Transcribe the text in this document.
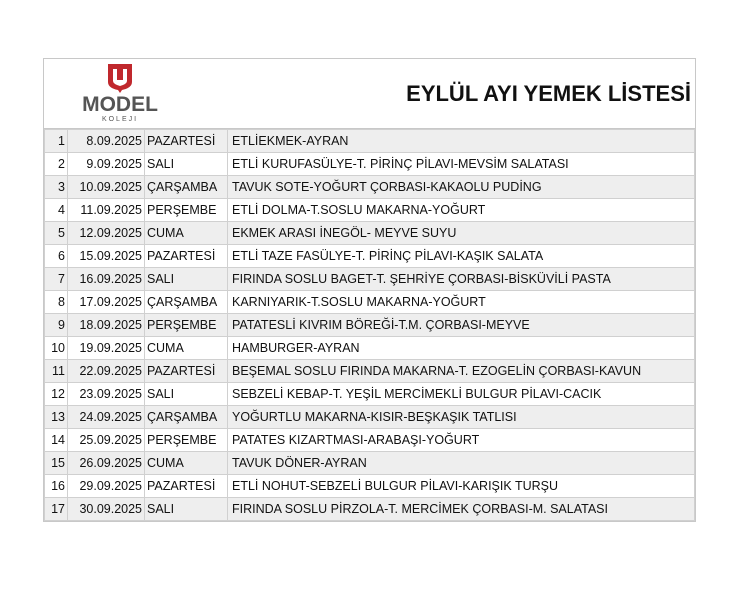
MODEL
KOLEJI
EYLÜL AYI YEMEK LİSTESİ
1	8.09.2025	PAZARTESİ	ETLİEKMEK-AYRAN
2	9.09.2025	SALI	ETLİ KURUFASÜLYE-T. PİRİNÇ PİLAVI-MEVSİM SALATASI
3	10.09.2025	ÇARŞAMBA	TAVUK SOTE-YOĞURT ÇORBASI-KAKAOLU PUDİNG
4	11.09.2025	PERŞEMBE	ETLİ DOLMA-T.SOSLU MAKARNA-YOĞURT
5	12.09.2025	CUMA	EKMEK ARASI İNEGÖL- MEYVE SUYU
6	15.09.2025	PAZARTESİ	ETLİ TAZE FASÜLYE-T. PİRİNÇ PİLAVI-KAŞIK SALATA
7	16.09.2025	SALI	FIRINDA SOSLU BAGET-T. ŞEHRİYE ÇORBASI-BİSKÜVİLİ PASTA
8	17.09.2025	ÇARŞAMBA	KARNIYARIK-T.SOSLU MAKARNA-YOĞURT
9	18.09.2025	PERŞEMBE	PATATESLİ KIVRIM BÖREĞİ-T.M. ÇORBASI-MEYVE
10	19.09.2025	CUMA	HAMBURGER-AYRAN
11	22.09.2025	PAZARTESİ	BEŞEMAL SOSLU FIRINDA MAKARNA-T. EZOGELİN ÇORBASI-KAVUN
12	23.09.2025	SALI	SEBZELİ KEBAP-T. YEŞİL MERCİMEKLİ BULGUR PİLAVI-CACIK
13	24.09.2025	ÇARŞAMBA	YOĞURTLU MAKARNA-KISIR-BEŞKAŞIK TATLISI
14	25.09.2025	PERŞEMBE	PATATES KIZARTMASI-ARABAŞI-YOĞURT
15	26.09.2025	CUMA	TAVUK DÖNER-AYRAN
16	29.09.2025	PAZARTESİ	ETLİ NOHUT-SEBZELİ BULGUR PİLAVI-KARIŞIK TURŞU
17	30.09.2025	SALI	FIRINDA SOSLU PİRZOLA-T. MERCİMEK ÇORBASI-M. SALATASI
